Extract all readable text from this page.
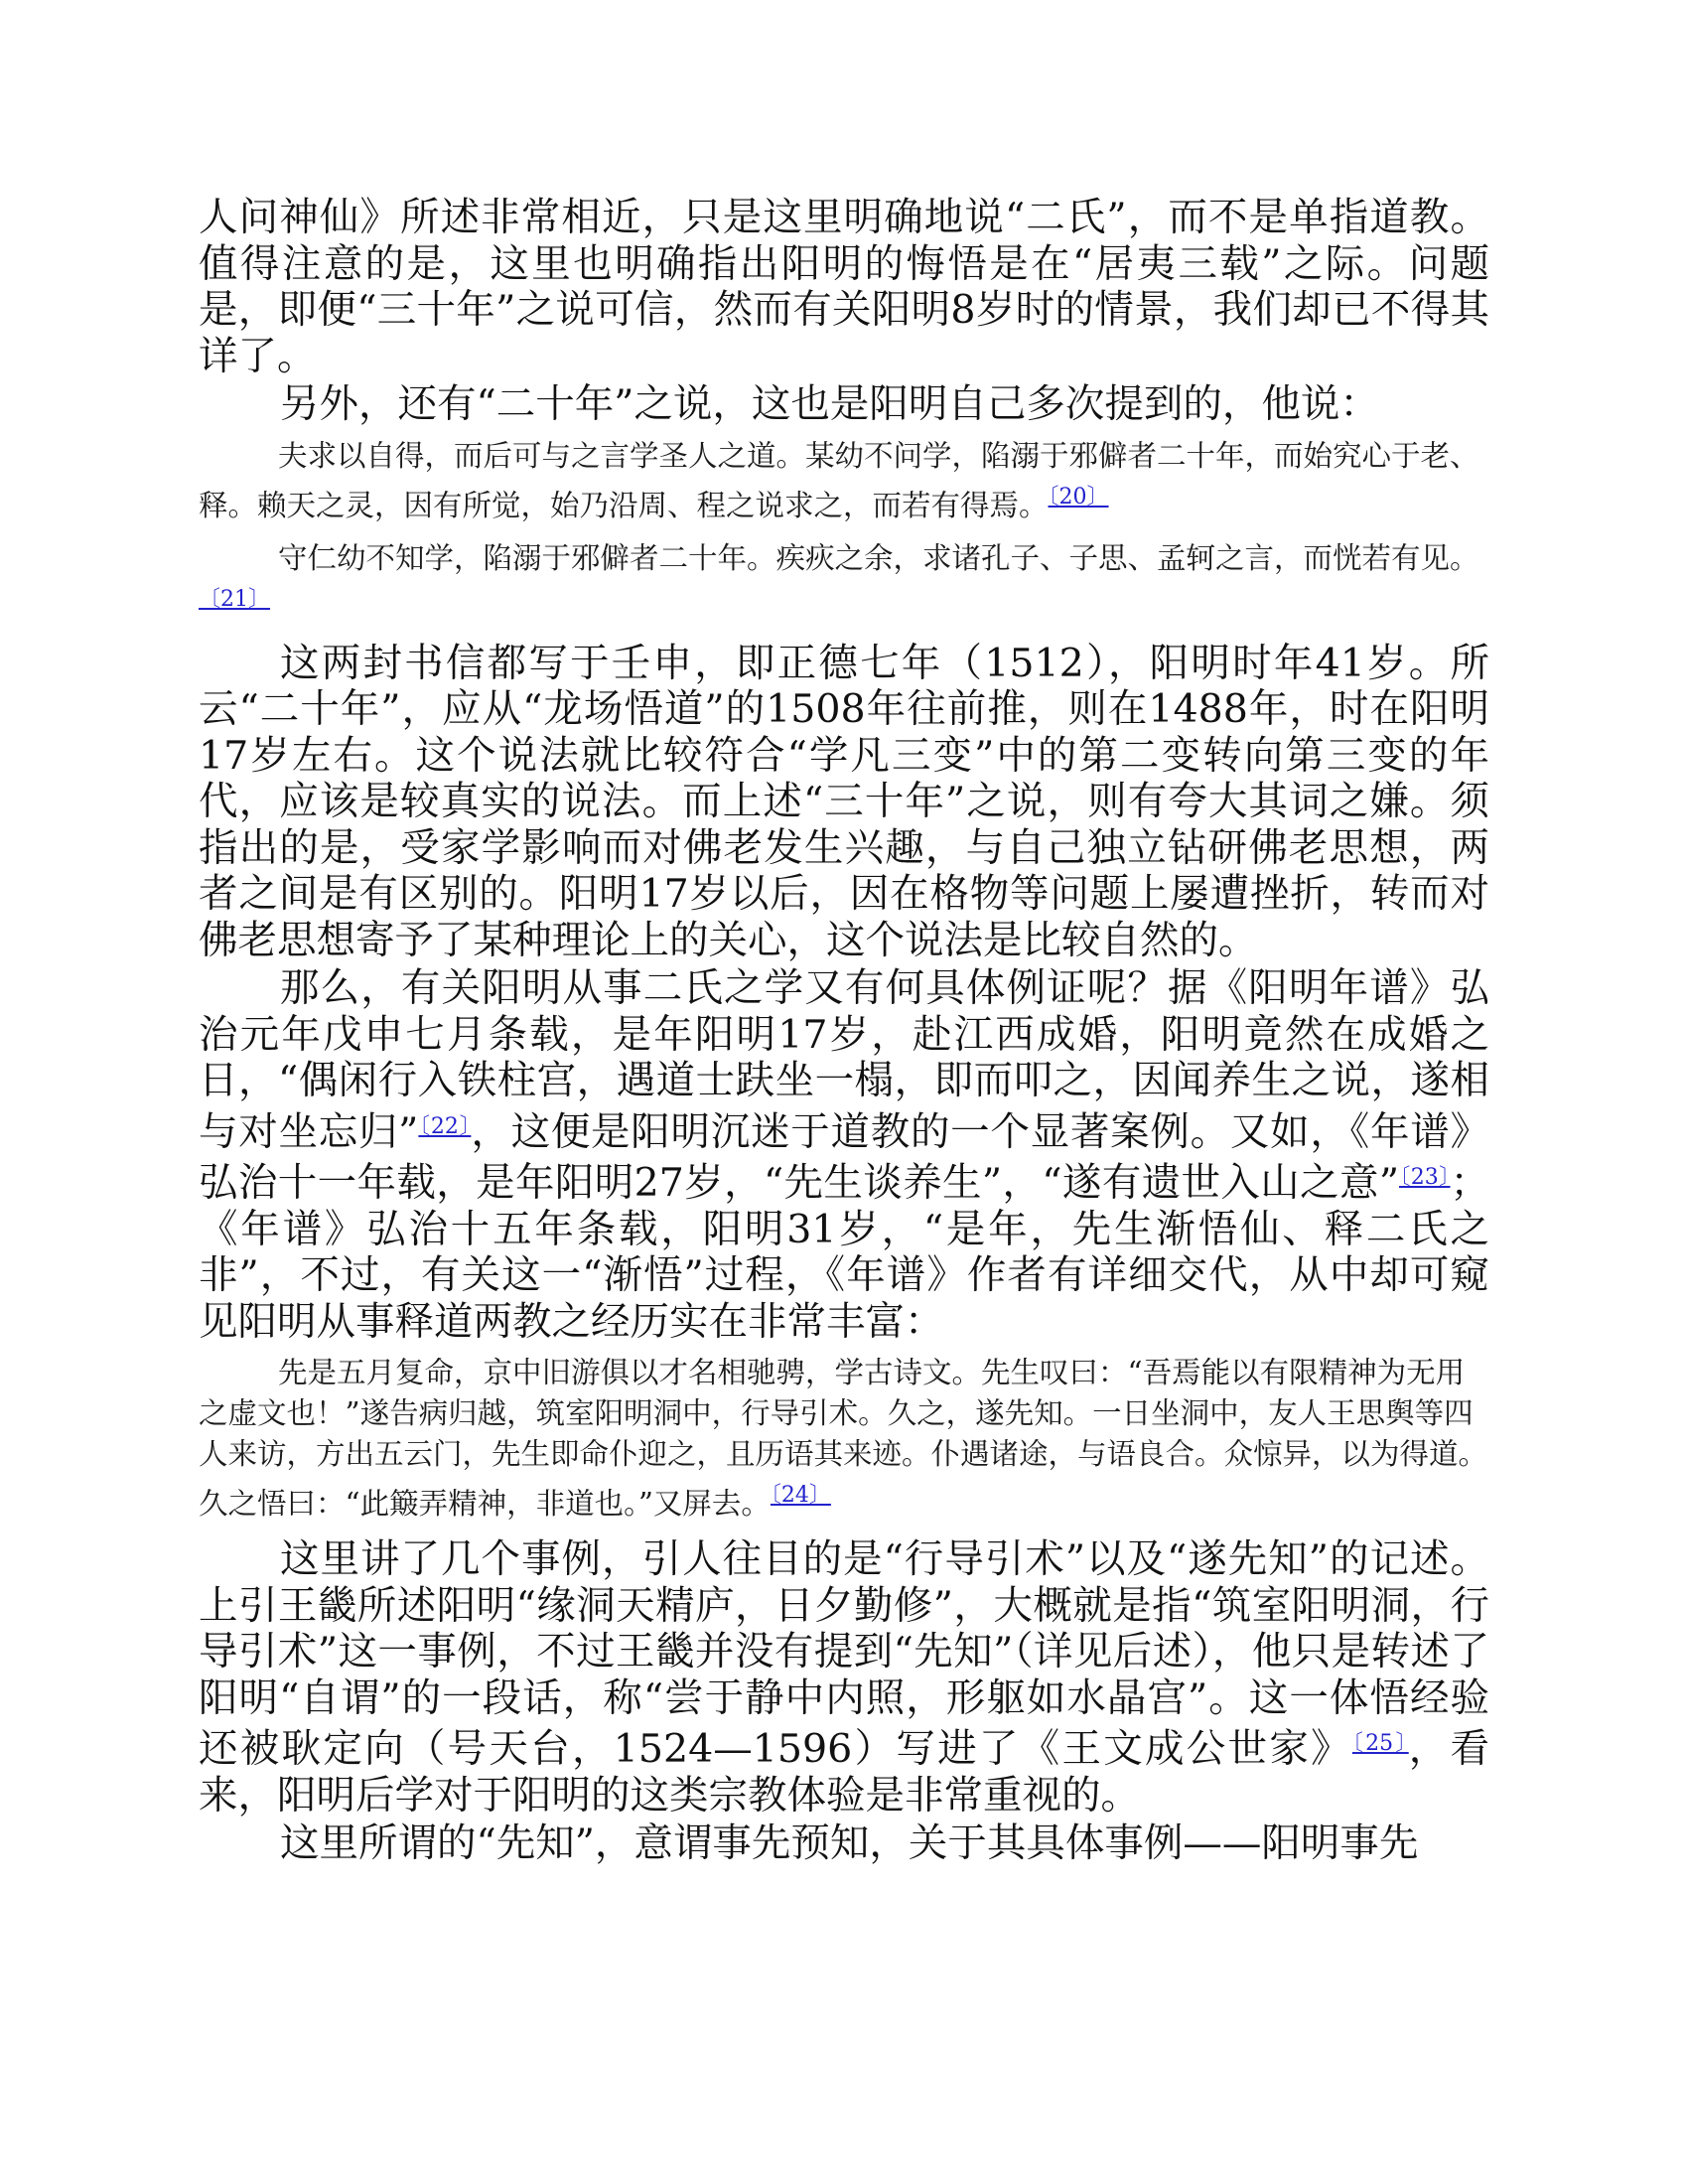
人问神仙》所述非常相近，只是这里明确地说“二氏”，而不是单指道教。值得注意的是，这里也明确指出阳明的悔悟是在“居夷三载”之际。问题是，即便“三十年”之说可信，然而有关阳明8岁时的情景，我们却已不得其详了。

另外，还有“二十年”之说，这也是阳明自己多次提到的，他说：

夫求以自得，而后可与之言学圣人之道。某幼不问学，陷溺于邪僻者二十年，而始究心于老、释。赖天之灵，因有所觉，始乃沿周、程之说求之，而若有得焉。$^{〔20〕}$

守仁幼不知学，陷溺于邪僻者二十年。疾疢之余，求诸孔子、子思、孟轲之言，而恍若有见。$^{〔21〕}$

这两封书信都写于壬申，即正德七年（1512），阳明时年41岁。所云“二十年”，应从“龙场悟道”的1508年往前推，则在1488年，时在阳明17岁左右。这个说法就比较符合“学凡三变”中的第二变转向第三变的年代，应该是较真实的说法。而上述“三十年”之说，则有夸大其词之嫌。须指出的是，受家学影响而对佛老发生兴趣，与自己独立钻研佛老思想，两者之间是有区别的。阳明17岁以后，因在格物等问题上屡遭挫折，转而对佛老思想寄予了某种理论上的关心，这个说法是比较自然的。

那么，有关阳明从事二氏之学又有何具体例证呢？据《阳明年谱》弘治元年戊申七月条载，是年阳明17岁，赴江西成婚，阳明竟然在成婚之日，“偶闲行入铁柱宫，遇道士趺坐一榻，即而叩之，因闻养生之说，遂相与对坐忘归”$^{〔22〕}$，这便是阳明沉迷于道教的一个显著案例。又如，《年谱》弘治十一年载，是年阳明27岁，“先生谈养生”，“遂有遗世入山之意”$^{〔23〕}$；《年谱》弘治十五年条载，阳明31岁，“是年，先生渐悟仙、释二氏之非”，不过，有关这一“渐悟”过程，《年谱》作者有详细交代，从中却可窥见阳明从事释道两教之经历实在非常丰富：

先是五月复命，京中旧游俱以才名相驰骋，学古诗文。先生叹曰：“吾焉能以有限精神为无用之虚文也！”遂告病归越，筑室阳明洞中，行导引术。久之，遂先知。一日坐洞中，友人王思舆等四人来访，方出五云门，先生即命仆迎之，且历语其来迹。仆遇诸途，与语良合。众惊异，以为得道。久之悟曰：“此簸弄精神，非道也。”又屏去。$^{〔24〕}$

这里讲了几个事例，引人往目的是“行导引术”以及“遂先知”的记述。上引王畿所述阳明“缘洞天精庐，日夕勤修”，大概就是指“筑室阳明洞，行导引术”这一事例，不过王畿并没有提到“先知”（详见后述），他只是转述了阳明“自谓”的一段话，称“尝于静中内照，形躯如水晶宫”。这一体悟经验还被耿定向（号天台，1524—1596）写进了《王文成公世家》$^{〔25〕}$，看来，阳明后学对于阳明的这类宗教体验是非常重视的。

这里所谓的“先知”，意谓事先预知，关于其具体事例——阳明事先
